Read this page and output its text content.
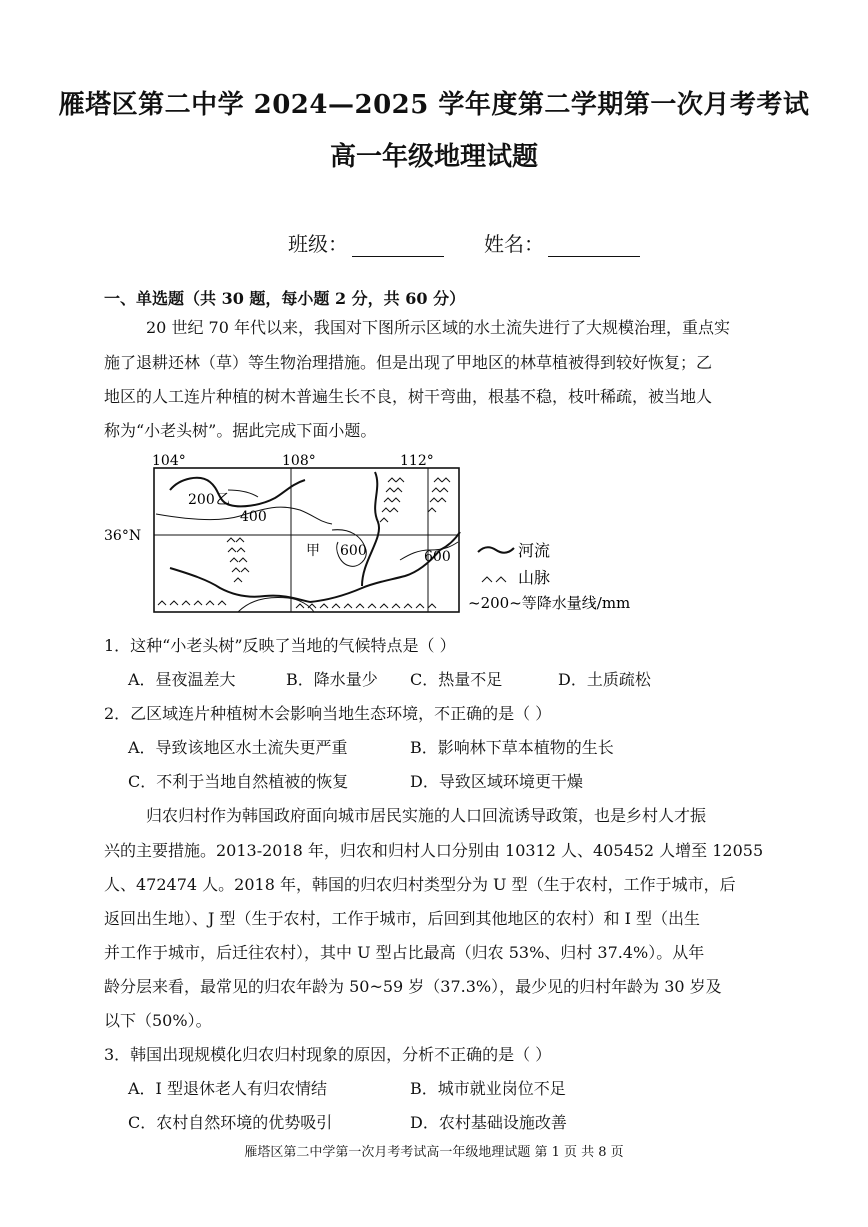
雁塔区第二中学 2024—2025 学年度第二学期第一次月考考试
高一年级地理试题
班级：	姓名：
一、单选题（共 30 题，每小题 2 分，共 60 分）
20 世纪 70 年代以来，我国对下图所示区域的水土流失进行了大规模治理，重点实
施了退耕还林（草）等生物治理措施。但是出现了甲地区的林草植被得到较好恢复；乙
地区的人工连片种植的树木普遍生长不良，树干弯曲，根基不稳，枝叶稀疏，被当地人
称为“小老头树”。据此完成下面小题。
104°	108°	112°
36°N
200 乙
400
甲 600	600	河流
山脉
~200~等降水量线/mm
1．这种“小老头树”反映了当地的气候特点是（ ）
A．昼夜温差大	B．降水量少 C．热量不足	D．土质疏松
2．乙区域连片种植树木会影响当地生态环境，不正确的是（ ）
A．导致该地区水土流失更严重	B．影响林下草本植物的生长
C．不利于当地自然植被的恢复	D．导致区域环境更干燥
归农归村作为韩国政府面向城市居民实施的人口回流诱导政策，也是乡村人才振
兴的主要措施。2013-2018 年，归农和归村人口分别由 10312 人、405452 人增至 12055
人、472474 人。2018 年，韩国的归农归村类型分为 U 型（生于农村，工作于城市，后
返回出生地）、J 型（生于农村，工作于城市，后回到其他地区的农村）和 I 型（出生
并工作于城市，后迁往农村），其中 U 型占比最高（归农 53%、归村 37.4%）。从年
龄分层来看，最常见的归农年龄为 50~59 岁（37.3%），最少见的归村年龄为 30 岁及
以下（50%）。
3．韩国出现规模化归农归村现象的原因，分析不正确的是（ ）
A．I 型退休老人有归农情结	B．城市就业岗位不足
C．农村自然环境的优势吸引	D．农村基础设施改善
雁塔区第二中学第一次月考考试高一年级地理试题 第 1 页 共 8 页
